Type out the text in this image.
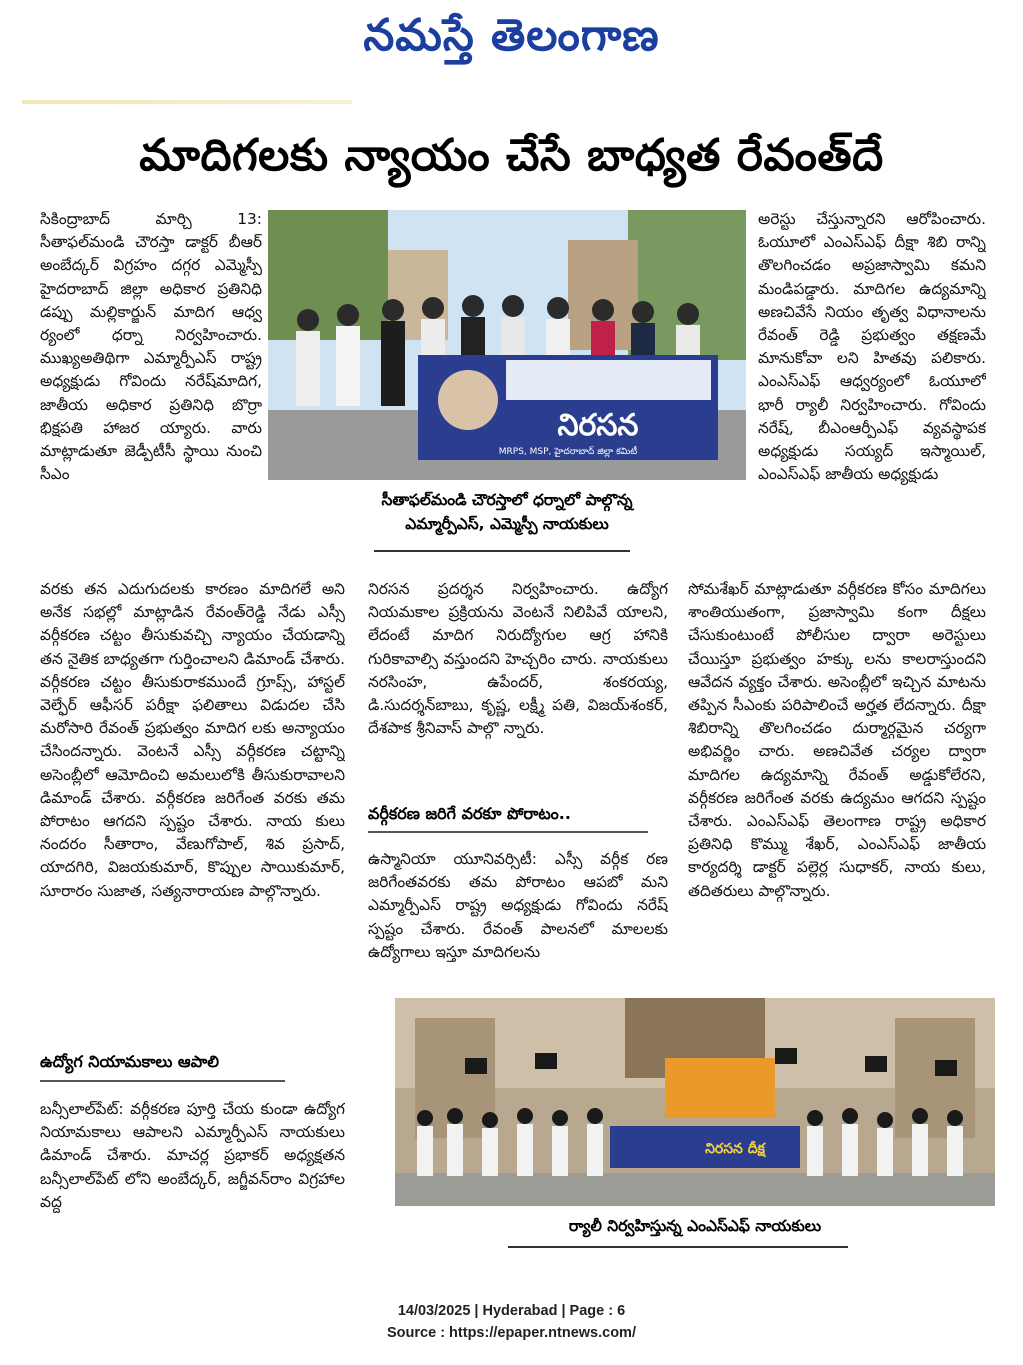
నమస్తే తెలంగాణ
మాదిగలకు న్యాయం చేసే బాధ్యత రేవంత్‌దే

సికింద్రాబాద్ మార్చి 13: సీతాఫల్‌మండి చౌరస్తా డాక్టర్ బీఆర్ అంబేద్కర్ విగ్రహం దగ్గర ఎమ్మెస్పీ హైదరాబాద్ జిల్లా అధికార ప్రతినిధి డప్పు మల్లికార్జున్ మాదిగ ఆధ్వ ర్యంలో ధర్నా నిర్వహించారు. ముఖ్యఅతిథిగా ఎమ్మార్పీఎస్ రాష్ట్ర అధ్యక్షుడు గోవిందు నరేష్‌మాదిగ, జాతీయ అధికార ప్రతినిధి బొర్రా భిక్షపతి హాజర య్యారు. వారు మాట్లాడుతూ జెడ్పీటీసీ స్థాయి నుంచి సీఎం

నిరసన
MRPS, MSP, హైదరాబాద్ జిల్లా కమిటీ
సీతాఫల్‌మండి చౌరస్తాలో ధర్నాలో పాల్గొన్న
ఎమ్మార్పీఎస్, ఎమ్మెస్పీ నాయకులు

అరెస్టు చేస్తున్నారని ఆరోపించారు. ఓయూలో ఎంఎస్ఎఫ్ దీక్షా శిబి రాన్ని తొలగించడం అప్రజాస్వామి కమని మండిపడ్డారు. మాదిగల ఉద్యమాన్ని అణచివేసే నియం తృత్వ విధానాలను రేవంత్ రెడ్డి ప్రభుత్వం తక్షణమే మానుకోవా లని హితవు పలికారు. ఎంఎస్ఎఫ్ ఆధ్వర్యంలో ఓయూలో భారీ ర్యాలీ నిర్వహించారు. గోవిందు నరేష్, బీఎంఆర్పీఎఫ్ వ్యవస్థాపక అధ్యక్షుడు సయ్యద్ ఇస్మాయిల్, ఎంఎస్ఎఫ్ జాతీయ అధ్యక్షుడు

వరకు తన ఎదుగుదలకు కారణం మాదిగలే అని అనేక సభల్లో మాట్లాడిన రేవంత్‌రెడ్డి నేడు ఎస్సీ వర్గీకరణ చట్టం తీసుకువచ్చి న్యాయం చేయడాన్ని తన నైతిక బాధ్యతగా గుర్తించాలని డిమాండ్ చేశారు. వర్గీకరణ చట్టం తీసుకురాకముందే గ్రూప్స్, హాస్టల్ వెల్ఫేర్ ఆఫీసర్ పరీక్షా ఫలితాలు విడుదల చేసి మరోసారి రేవంత్ ప్రభుత్వం మాదిగ లకు అన్యాయం చేసిందన్నారు. వెంటనే ఎస్సీ వర్గీకరణ చట్టాన్ని అసెంబ్లీలో ఆమోదించి అమలులోకి తీసుకురావాలని డిమాండ్ చేశారు. వర్గీకరణ జరిగేంత వరకు తమ పోరాటం ఆగదని స్పష్టం చేశారు. నాయ కులు నందరం సీతారాం, వేణుగోపాల్, శివ ప్రసాద్, యాదగిరి, విజయకుమార్, కొప్పుల సాయికుమార్, సూరారం సుజాత, సత్యనారాయణ పాల్గొన్నారు.

ఉద్యోగ నియామకాలు ఆపాలి

బన్సీలాల్‌పేట్: వర్గీకరణ పూర్తి చేయ కుండా ఉద్యోగ నియామకాలు ఆపాలని ఎమ్మార్పీఎస్ నాయకులు డిమాండ్ చేశారు. మాచర్ల ప్రభాకర్ అధ్యక్షతన బన్సీలాల్‌పేట్ లోని అంబేద్కర్, జగ్జీవన్‌రాం విగ్రహాల వద్ద

నిరసన ప్రదర్శన నిర్వహించారు. ఉద్యోగ నియమకాల ప్రక్రియను వెంటనే నిలిపివే యాలని, లేదంటే మాదిగ నిరుద్యోగుల ఆగ్ర హానికి గురికావాల్సి వస్తుందని హెచ్చరిం చారు. నాయకులు నరసింహ, ఉపేందర్, శంకరయ్య, డి.సుదర్శన్‌బాబు, కృష్ణ, లక్ష్మీ పతి, విజయ్‌శంకర్, దేశపాక శ్రీనివాస్ పాల్గొ న్నారు.

వర్గీకరణ జరిగే వరకూ పోరాటం..

ఉస్మానియా యూనివర్సిటీ: ఎస్సీ వర్గీక రణ జరిగేంతవరకు తమ పోరాటం ఆపబో మని ఎమ్మార్పీఎస్ రాష్ట్ర అధ్యక్షుడు గోవిందు నరేష్ స్పష్టం చేశారు. రేవంత్ పాలనలో మాలలకు ఉద్యోగాలు ఇస్తూ మాదిగలను

సోమశేఖర్ మాట్లాడుతూ వర్గీకరణ కోసం మాదిగలు శాంతియుతంగా, ప్రజాస్వామి కంగా దీక్షలు చేసుకుంటుంటే పోలీసుల ద్వారా అరెస్టులు చేయిస్తూ ప్రభుత్వం హక్కు లను కాలరాస్తుందని ఆవేదన వ్యక్తం చేశారు. అసెంబ్లీలో ఇచ్చిన మాటను తప్పిన సీఎంకు పరిపాలించే అర్హత లేదన్నారు. దీక్షా శిబిరాన్ని తొలగించడం దుర్మార్గమైన చర్యగా అభివర్ణిం చారు. అణచివేత చర్యల ద్వారా మాదిగల ఉద్యమాన్ని రేవంత్ అడ్డుకోలేరని, వర్గీకరణ జరిగేంత వరకు ఉద్యమం ఆగదని స్పష్టం చేశారు. ఎంఎస్ఎఫ్ తెలంగాణ రాష్ట్ర అధికార ప్రతినిధి కొమ్ము శేఖర్, ఎంఎస్ఎఫ్ జాతీయ కార్యదర్శి డాక్టర్ పల్లెర్ల సుధాకర్, నాయ కులు, తదితరులు పాల్గొన్నారు.

నిరసన దీక్ష
ర్యాలీ నిర్వహిస్తున్న ఎంఎస్ఎఫ్ నాయకులు
14/03/2025 | Hyderabad | Page : 6
Source : https://epaper.ntnews.com/
